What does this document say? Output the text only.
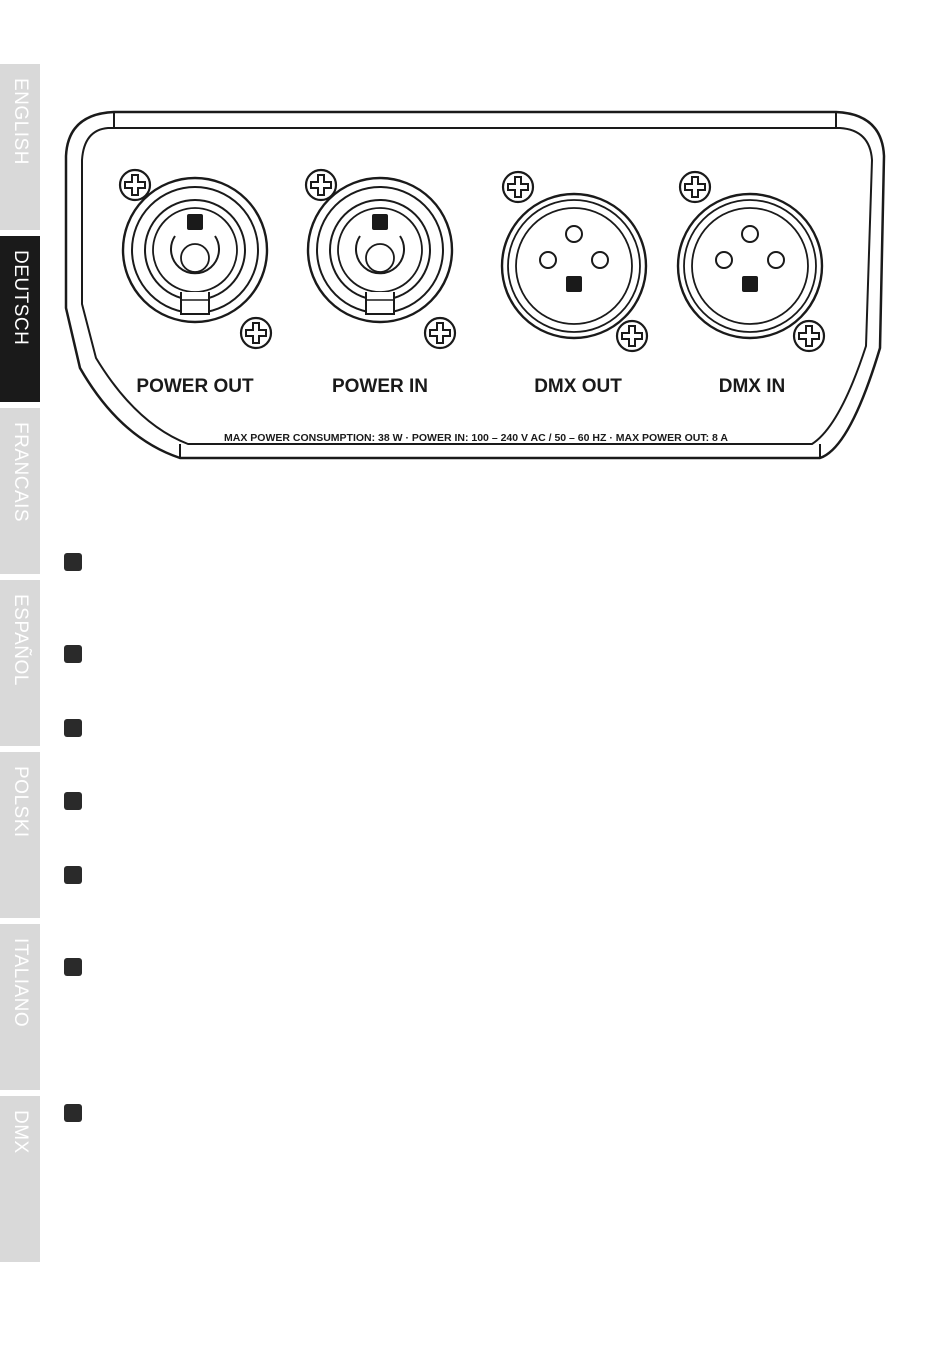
ENGLISH
DEUTSCH
FRANCAIS
ESPAÑOL
POLSKI
ITALIANO
DMX
POWER OUT	POWER IN	DMX OUT	DMX IN
MAX POWER CONSUMPTION: 38 W · POWER IN: 100 – 240 V AC / 50 – 60 HZ · MAX POWER OUT: 8 A
